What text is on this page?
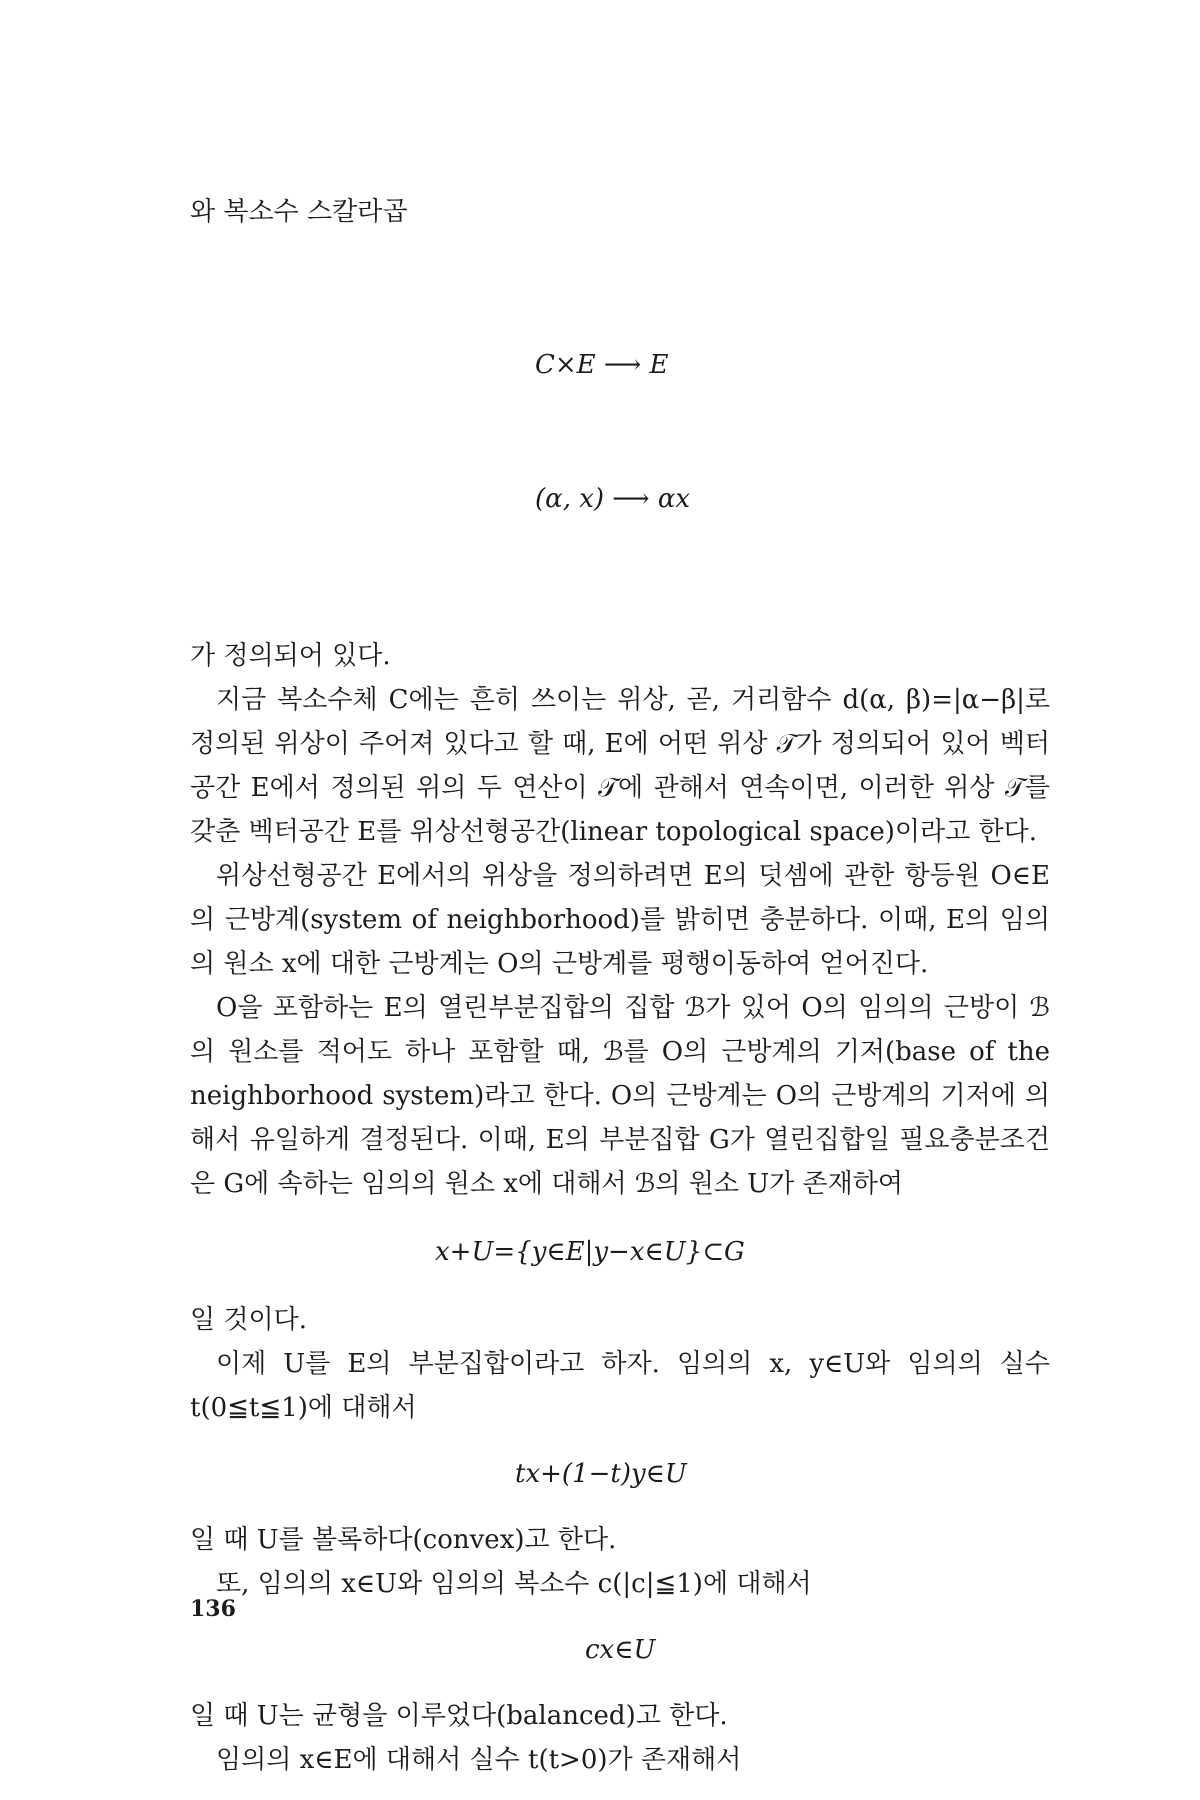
와 복소수 스칼라곱

C×E ⟶ E

(α, x) ⟶ αx

가 정의되어 있다.

지금 복소수체 C에는 흔히 쓰이는 위상, 곧, 거리함수 d(α, β)=|α−β|로 정의된 위상이 주어져 있다고 할 때, E에 어떤 위상 𝒯가 정의되어 있어 벡터공간 E에서 정의된 위의 두 연산이 𝒯에 관해서 연속이면, 이러한 위상 𝒯를 갖춘 벡터공간 E를 위상선형공간(linear topological space)이라고 한다.

위상선형공간 E에서의 위상을 정의하려면 E의 덧셈에 관한 항등원 O∈E의 근방계(system of neighborhood)를 밝히면 충분하다. 이때, E의 임의의 원소 x에 대한 근방계는 O의 근방계를 평행이동하여 얻어진다.

O을 포함하는 E의 열린부분집합의 집합 ℬ가 있어 O의 임의의 근방이 ℬ의 원소를 적어도 하나 포함할 때, ℬ를 O의 근방계의 기저(base of the neighborhood system)라고 한다. O의 근방계는 O의 근방계의 기저에 의해서 유일하게 결정된다. 이때, E의 부분집합 G가 열린집합일 필요충분조건은 G에 속하는 임의의 원소 x에 대해서 ℬ의 원소 U가 존재하여

x+U={y∈E|y−x∈U}⊂G

일 것이다.

이제 U를 E의 부분집합이라고 하자. 임의의 x, y∈U와 임의의 실수 t(0≦t≦1)에 대해서

tx+(1−t)y∈U

일 때 U를 볼록하다(convex)고 한다.

또, 임의의 x∈U와 임의의 복소수 c(|c|≦1)에 대해서

cx∈U

일 때 U는 균형을 이루었다(balanced)고 한다.

임의의 x∈E에 대해서 실수 t(t>0)가 존재해서

136
